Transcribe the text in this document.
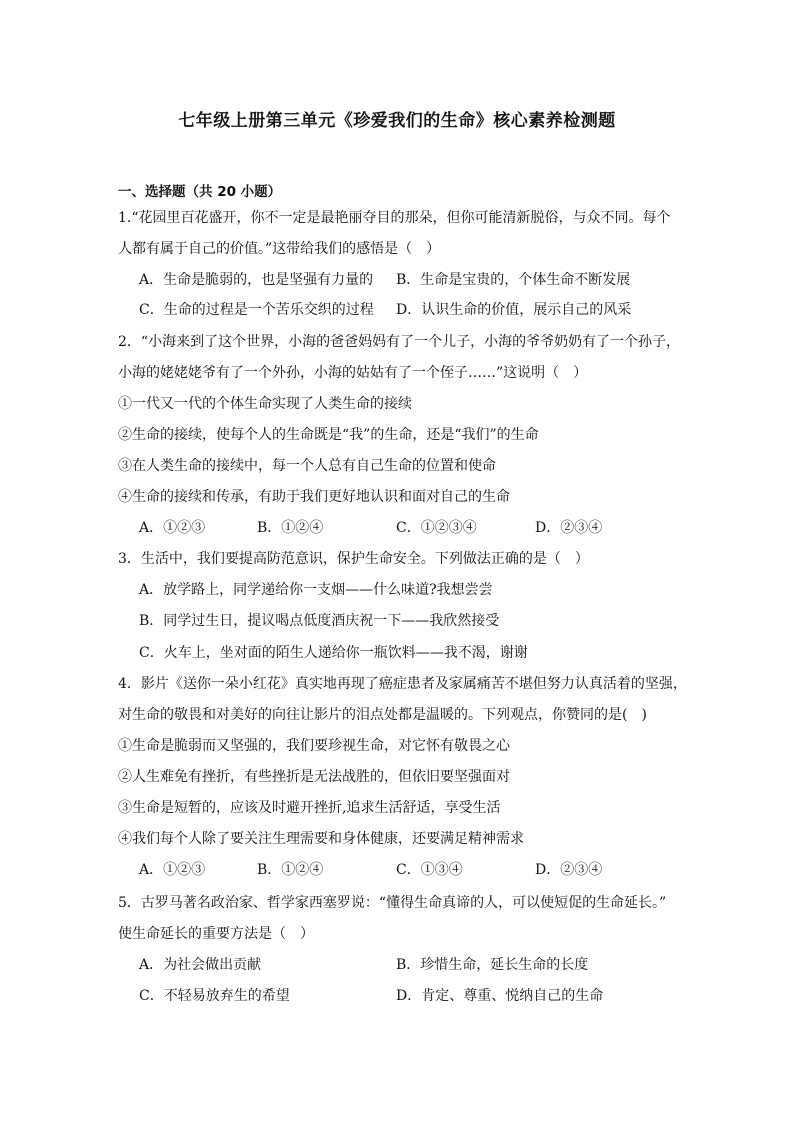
七年级上册第三单元《珍爱我们的生命》核心素养检测题
一、选择题（共 20 小题）
1.“花园里百花盛开，你不一定是最艳丽夺目的那朵，但你可能清新脱俗，与众不同。每个
人都有属于自己的价值。”这带给我们的感悟是（　）
A．生命是脆弱的，也是坚强有力量的 B．生命是宝贵的，个体生命不断发展
C．生命的过程是一个苦乐交织的过程 D．认识生命的价值，展示自己的风采
2．“小海来到了这个世界，小海的爸爸妈妈有了一个儿子，小海的爷爷奶奶有了一个孙子，
小海的姥姥姥爷有了一个外孙，小海的姑姑有了一个侄子……”这说明（　）
①一代又一代的个体生命实现了人类生命的接续
②生命的接续，使每个人的生命既是“我”的生命，还是“我们”的生命
③在人类生命的接续中，每一个人总有自己生命的位置和使命
④生命的接续和传承，有助于我们更好地认识和面对自己的生命
A．①②③	B．①②④	C．①②③④	D．②③④
3．生活中，我们要提高防范意识，保护生命安全。下列做法正确的是（　）
A．放学路上，同学递给你一支烟——什么味道?我想尝尝
B．同学过生日，提议喝点低度酒庆祝一下——我欣然接受
C．火车上，坐对面的陌生人递给你一瓶饮料——我不渴，谢谢
4．影片《送你一朵小红花》真实地再现了癌症患者及家属痛苦不堪但努力认真活着的坚强，
对生命的敬畏和对美好的向往让影片的泪点处都是温暖的。下列观点，你赞同的是(　)
①生命是脆弱而又坚强的，我们要珍视生命，对它怀有敬畏之心
②人生难免有挫折，有些挫折是无法战胜的，但依旧要坚强面对
③生命是短暂的，应该及时避开挫折,追求生活舒适，享受生活
④我们每个人除了要关注生理需要和身体健康，还要满足精神需求
A．①②③	B．①②④	C．①③④	D．②③④
5．古罗马著名政治家、哲学家西塞罗说：“懂得生命真谛的人，可以使短促的生命延长。”
使生命延长的重要方法是（　）
A．为社会做出贡献	B．珍惜生命，延长生命的长度
C．不轻易放弃生的希望	D．肯定、尊重、悦纳自己的生命
